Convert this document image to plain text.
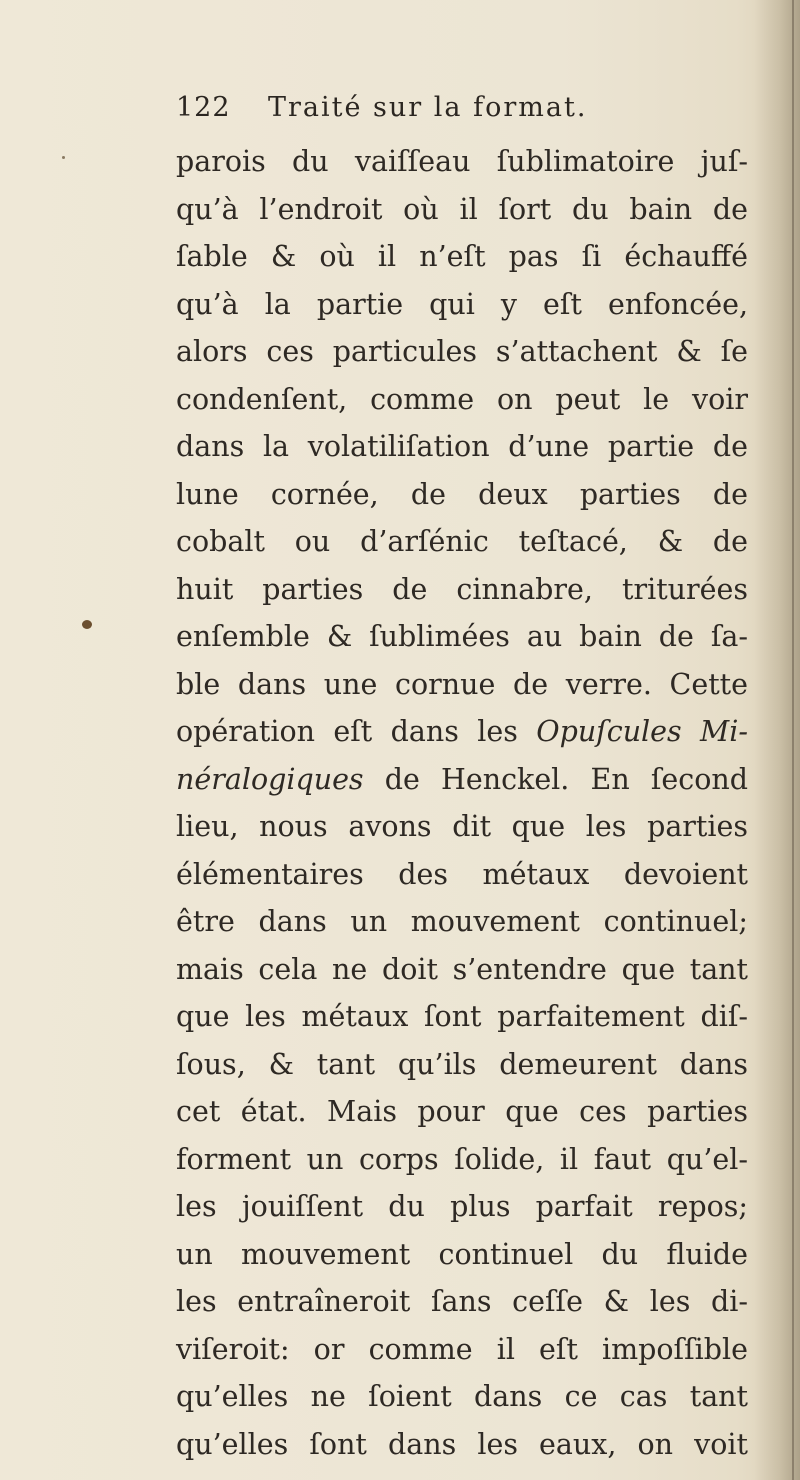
122 Traité sur la format.
parois du vaiſſeau ſublimatoire juſ-
qu’à l’endroit où il ſort du bain de
ſable & où il n’eſt pas ſi échauffé
qu’à la partie qui y eſt enfoncée,
alors ces particules s’attachent & ſe
condenſent, comme on peut le voir
dans la volatiliſation d’une partie de
lune cornée, de deux parties de
cobalt ou d’arſénic teſtacé, & de
huit parties de cinnabre, triturées
enſemble & ſublimées au bain de ſa-
ble dans une cornue de verre. Cette
opération eſt dans les Opuſcules Mi-
néralogiques de Henckel. En ſecond
lieu, nous avons dit que les parties
élémentaires des métaux devoient
être dans un mouvement continuel;
mais cela ne doit s’entendre que tant
que les métaux ſont parfaitement diſ-
ſous, & tant qu’ils demeurent dans
cet état. Mais pour que ces parties
forment un corps ſolide, il faut qu’el-
les jouiſſent du plus parfait repos;
un mouvement continuel du fluide
les entraîneroit ſans ceſſe & les di-
viſeroit: or comme il eſt impoſſible
qu’elles ne ſoient dans ce cas tant
qu’elles ſont dans les eaux, on voit
